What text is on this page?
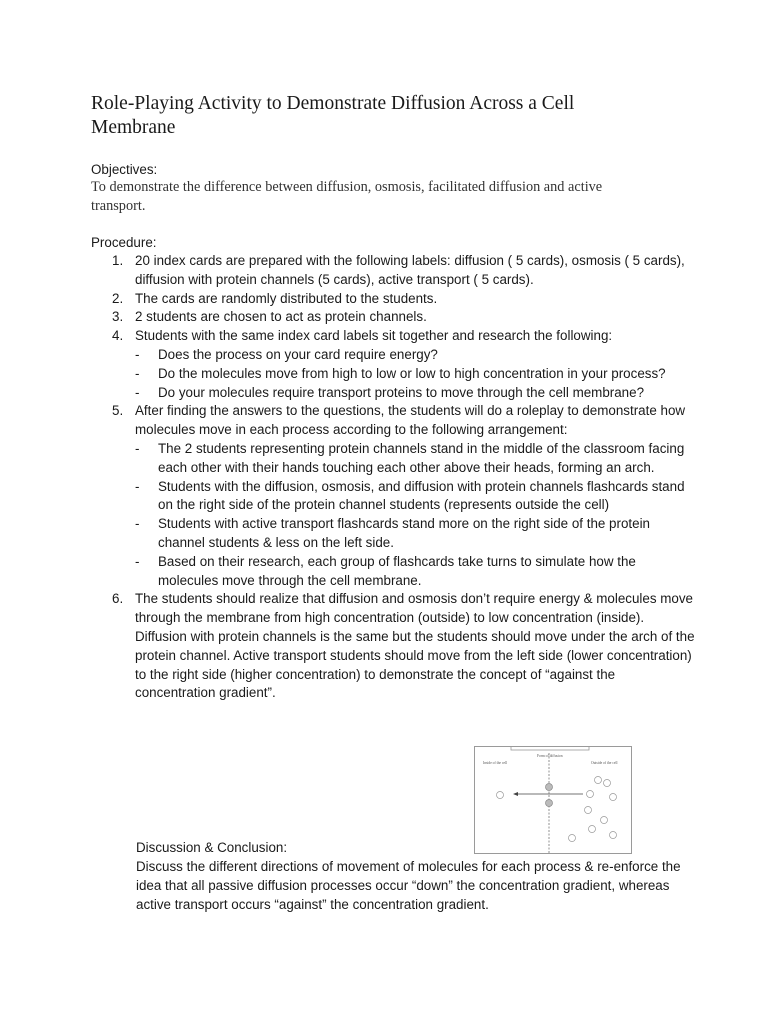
Role-Playing Activity to Demonstrate Diffusion Across a Cell Membrane
Objectives:
To demonstrate the difference between diffusion, osmosis, facilitated diffusion and active transport.
Procedure:
1. 20 index cards are prepared with the following labels: diffusion ( 5 cards), osmosis ( 5 cards), diffusion with protein channels (5 cards), active transport ( 5 cards).
2. The cards are randomly distributed to the students.
3. 2 students are chosen to act as protein channels.
4. Students with the same index card labels sit together and research the following:
- Does the process on your card require energy?
- Do the molecules move from high to low or low to high concentration in your process?
- Do your molecules require transport proteins to move through the cell membrane?
5. After finding the answers to the questions, the students will do a roleplay to demonstrate how molecules move in each process according to the following arrangement:
- The 2 students representing protein channels stand in the middle of the classroom facing each other with their hands touching each other above their heads, forming an arch.
- Students with the diffusion, osmosis, and diffusion with protein channels flashcards stand on the right side of the protein channel students (represents outside the cell)
- Students with active transport flashcards stand more on the right side of the protein channel students & less on the left side.
- Based on their research, each group of flashcards take turns to simulate how the molecules move through the cell membrane.
6. The students should realize that diffusion and osmosis don’t require energy & molecules move through the membrane from high concentration (outside) to low concentration (inside). Diffusion with protein channels is the same but the students should move under the arch of the protein channel. Active transport students should move from the left side (lower concentration) to the right side (higher concentration) to demonstrate the concept of “against the concentration gradient”.
Form of diffusion
Inside of the cell	Outside of the cell
Discussion & Conclusion:
Discuss the different directions of movement of molecules for each process & re-enforce the idea that all passive diffusion processes occur “down” the concentration gradient, whereas active transport occurs “against” the concentration gradient.
